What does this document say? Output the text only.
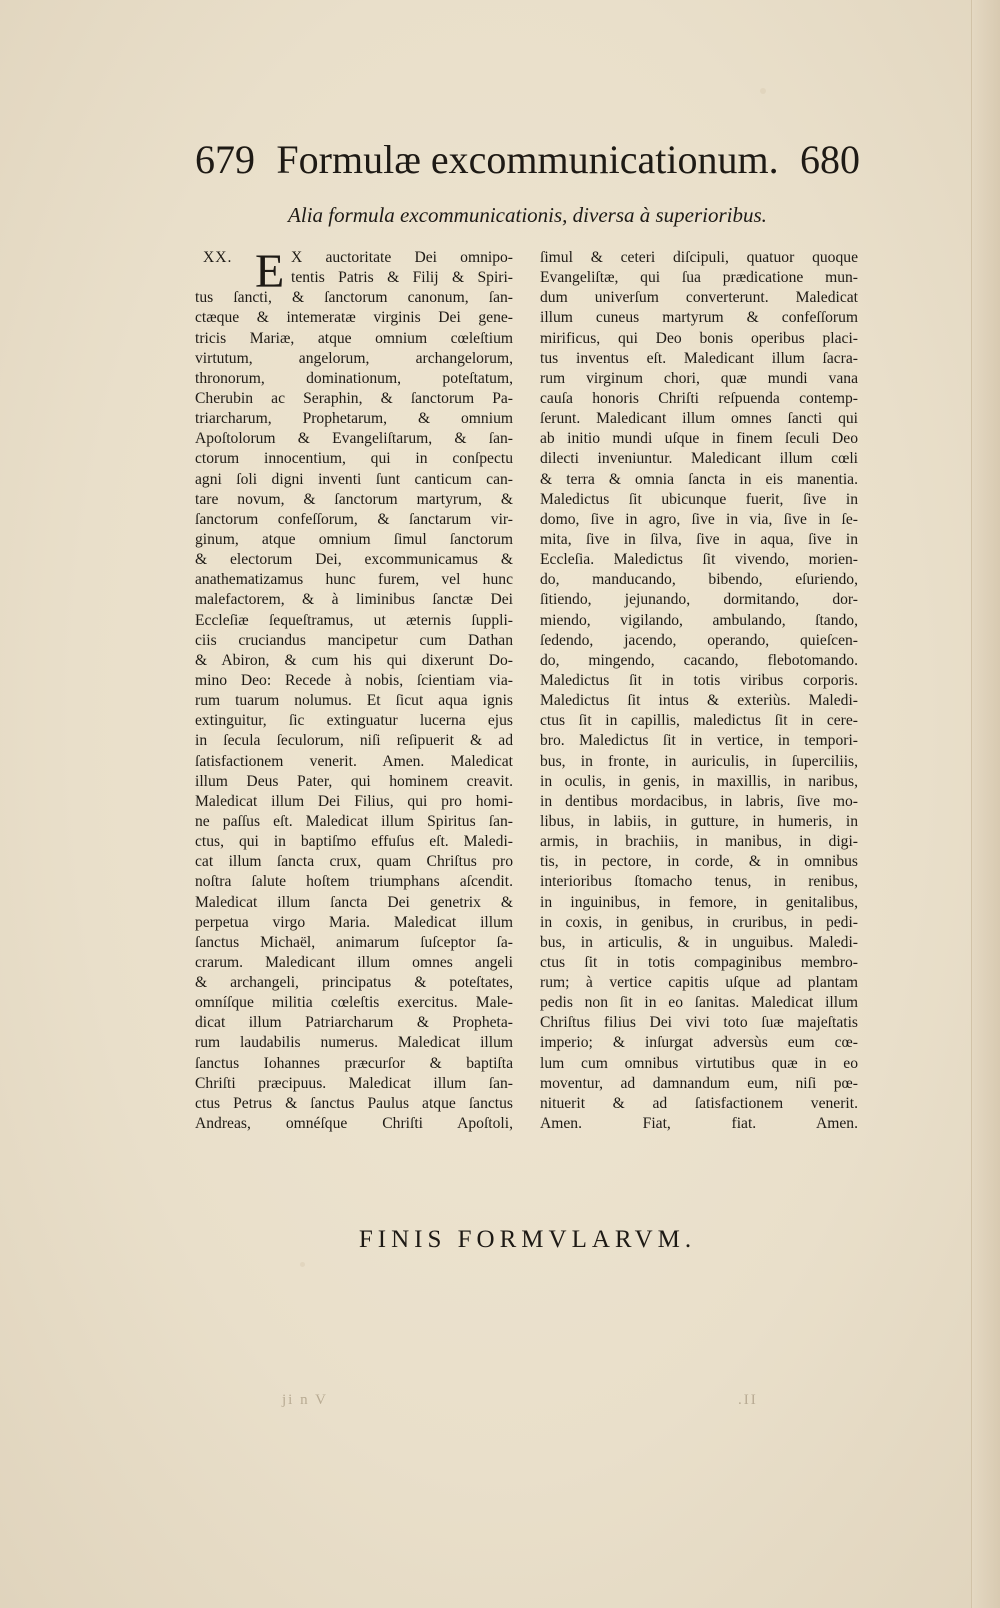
679 Formulæ excommunicationum. 680
Alia formula excommunicationis, diversa à superioribus.
XX. E X auctoritate Dei omnipo-
tentis Patris & Filij & Spiri-
tus ſancti, & ſanctorum canonum, ſan-
ctæque & intemeratæ virginis Dei gene-
tricis Mariæ, atque omnium cœleſtium
virtutum, angelorum, archangelorum,
thronorum, dominationum, poteſtatum,
Cherubin ac Seraphin, & ſanctorum Pa-
triarcharum, Prophetarum, & omnium
Apoſtolorum & Evangeliſtarum, & ſan-
ctorum innocentium, qui in conſpectu
agni ſoli digni inventi ſunt canticum can-
tare novum, & ſanctorum martyrum, &
ſanctorum confeſſorum, & ſanctarum vir-
ginum, atque omnium ſimul ſanctorum
& electorum Dei, excommunicamus &
anathematizamus hunc furem, vel hunc
malefactorem, & à liminibus ſanctæ Dei
Eccleſiæ ſequeſtramus, ut æternis ſuppli-
ciis cruciandus mancipetur cum Dathan
& Abiron, & cum his qui dixerunt Do-
mino Deo: Recede à nobis, ſcientiam via-
rum tuarum nolumus. Et ſicut aqua ignis
extinguitur, ſic extinguatur lucerna ejus
in ſecula ſeculorum, niſi reſipuerit & ad
ſatisfactionem venerit. Amen. Maledicat
illum Deus Pater, qui hominem creavit.
Maledicat illum Dei Filius, qui pro homi-
ne paſſus eſt. Maledicat illum Spiritus ſan-
ctus, qui in baptiſmo effuſus eſt. Maledi-
cat illum ſancta crux, quam Chriſtus pro
noſtra ſalute hoſtem triumphans aſcendit.
Maledicat illum ſancta Dei genetrix &
perpetua virgo Maria. Maledicat illum
ſanctus Michaël, animarum ſuſceptor ſa-
crarum. Maledicant illum omnes angeli
& archangeli, principatus & poteſtates,
omníſque militia cœleſtis exercitus. Male-
dicat illum Patriarcharum & Propheta-
rum laudabilis numerus. Maledicat illum
ſanctus Iohannes præcurſor & baptiſta
Chriſti præcipuus. Maledicat illum ſan-
ctus Petrus & ſanctus Paulus atque ſanctus
Andreas, omnéſque Chriſti Apoſtoli,
ſimul & ceteri diſcipuli, quatuor quoque
Evangeliſtæ, qui ſua prædicatione mun-
dum univerſum converterunt. Maledicat
illum cuneus martyrum & confeſſorum
mirificus, qui Deo bonis operibus placi-
tus inventus eſt. Maledicant illum ſacra-
rum virginum chori, quæ mundi vana
cauſa honoris Chriſti reſpuenda contemp-
ſerunt. Maledicant illum omnes ſancti qui
ab initio mundi uſque in finem ſeculi Deo
dilecti inveniuntur. Maledicant illum cœli
& terra & omnia ſancta in eis manentia.
Maledictus ſit ubicunque fuerit, ſive in
domo, ſive in agro, ſive in via, ſive in ſe-
mita, ſive in ſilva, ſive in aqua, ſive in
Eccleſia. Maledictus ſit vivendo, morien-
do, manducando, bibendo, eſuriendo,
ſitiendo, jejunando, dormitando, dor-
miendo, vigilando, ambulando, ſtando,
ſedendo, jacendo, operando, quieſcen-
do, mingendo, cacando, flebotomando.
Maledictus ſit in totis viribus corporis.
Maledictus ſit intus & exteriùs. Maledi-
ctus ſit in capillis, maledictus ſit in cere-
bro. Maledictus ſit in vertice, in tempori-
bus, in fronte, in auriculis, in ſuperciliis,
in oculis, in genis, in maxillis, in naribus,
in dentibus mordacibus, in labris, ſive mo-
libus, in labiis, in gutture, in humeris, in
armis, in brachiis, in manibus, in digi-
tis, in pectore, in corde, & in omnibus
interioribus ſtomacho tenus, in renibus,
in inguinibus, in femore, in genitalibus,
in coxis, in genibus, in cruribus, in pedi-
bus, in articulis, & in unguibus. Maledi-
ctus ſit in totis compaginibus membro-
rum; à vertice capitis uſque ad plantam
pedis non ſit in eo ſanitas. Maledicat illum
Chriſtus filius Dei vivi toto ſuæ majeſtatis
imperio; & inſurgat adversùs eum cœ-
lum cum omnibus virtutibus quæ in eo
moventur, ad damnandum eum, niſi pœ-
nituerit & ad ſatisfactionem venerit.
Amen. Fiat, fiat. Amen.
FINIS FORMVLARVM.
ji n V	.II
